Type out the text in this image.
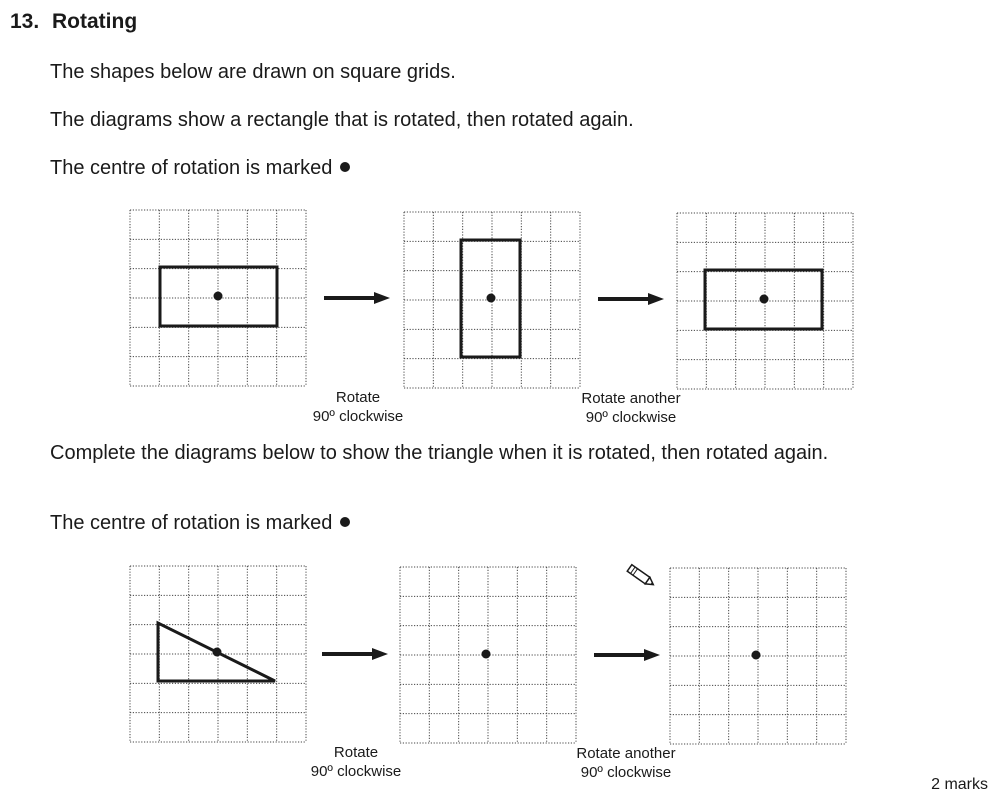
13. Rotating
The shapes below are drawn on square grids.
The diagrams show a rectangle that is rotated, then rotated again.
The centre of rotation is marked
Rotate
90º clockwise
Rotate another
90º clockwise
Complete the diagrams below to show the triangle when it is rotated, then rotated again.
The centre of rotation is marked
Rotate
90º clockwise
Rotate another
90º clockwise
2 marks
